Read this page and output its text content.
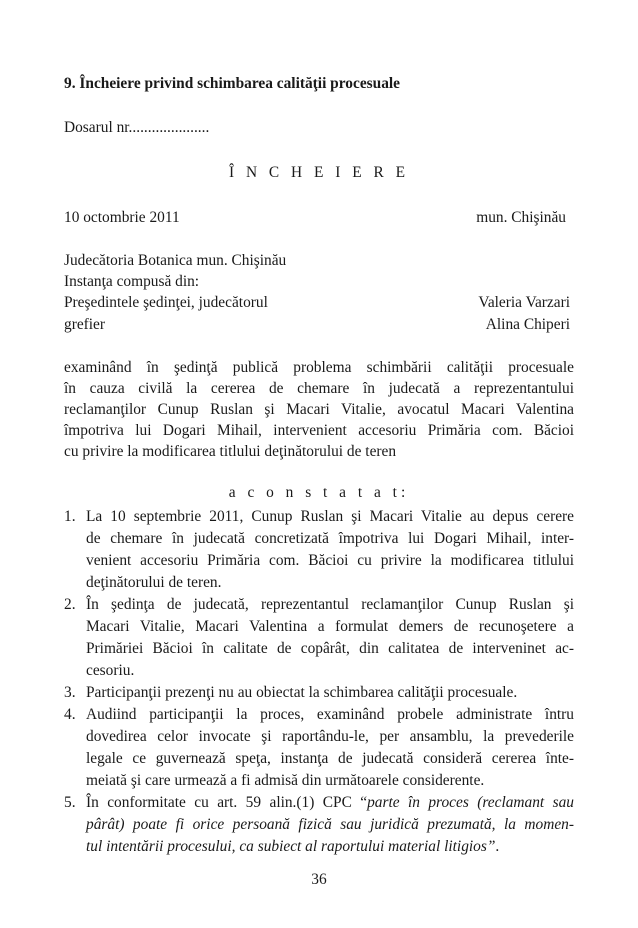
9. Încheiere privind schimbarea calităţii procesuale
Dosarul nr.....................
Î N C H E I E R E
10 octombrie 2011	mun. Chişinău
Judecătoria Botanica mun. Chişinău
Instanţa compusă din:
Preşedintele şedinţei, judecătorul	Valeria Varzari
grefier	Alina Chiperi
examinând în şedinţă publică problema schimbării calităţii procesuale
în cauza civilă la cererea de chemare în judecată a reprezentantului
reclamanţilor Cunup Ruslan şi Macari Vitalie, avocatul Macari Valentina
împotriva lui Dogari Mihail, intervenient accesoriu Primăria com. Băcioi
cu privire la modificarea titlului deţinătorului de teren
a c o n s t a t a t:
1. La 10 septembrie 2011, Cunup Ruslan şi Macari Vitalie au depus cerere
de chemare în judecată concretizată împotriva lui Dogari Mihail, inter-
venient accesoriu Primăria com. Băcioi cu privire la modificarea titlului
deţinătorului de teren.
2. În şedinţa de judecată, reprezentantul reclamanţilor Cunup Ruslan şi
Macari Vitalie, Macari Valentina a formulat demers de recunoşetere a
Primăriei Băcioi în calitate de copârât, din calitatea de interveninet ac-
cesoriu.
3. Participanţii prezenţi nu au obiectat la schimbarea calităţii procesuale.
4. Audiind participanţii la proces, examinând probele administrate întru
dovedirea celor invocate şi raportându-le, per ansamblu, la prevederile
legale ce guvernează speţa, instanţa de judecată consideră cererea înte-
meiată şi care urmează a fi admisă din următoarele considerente.
5. În conformitate cu art. 59 alin.(1) CPC “parte în proces (reclamant sau
pârât) poate fi orice persoană fizică sau juridică prezumată, la momen-
tul intentării procesului, ca subiect al raportului material litigios”.
36
